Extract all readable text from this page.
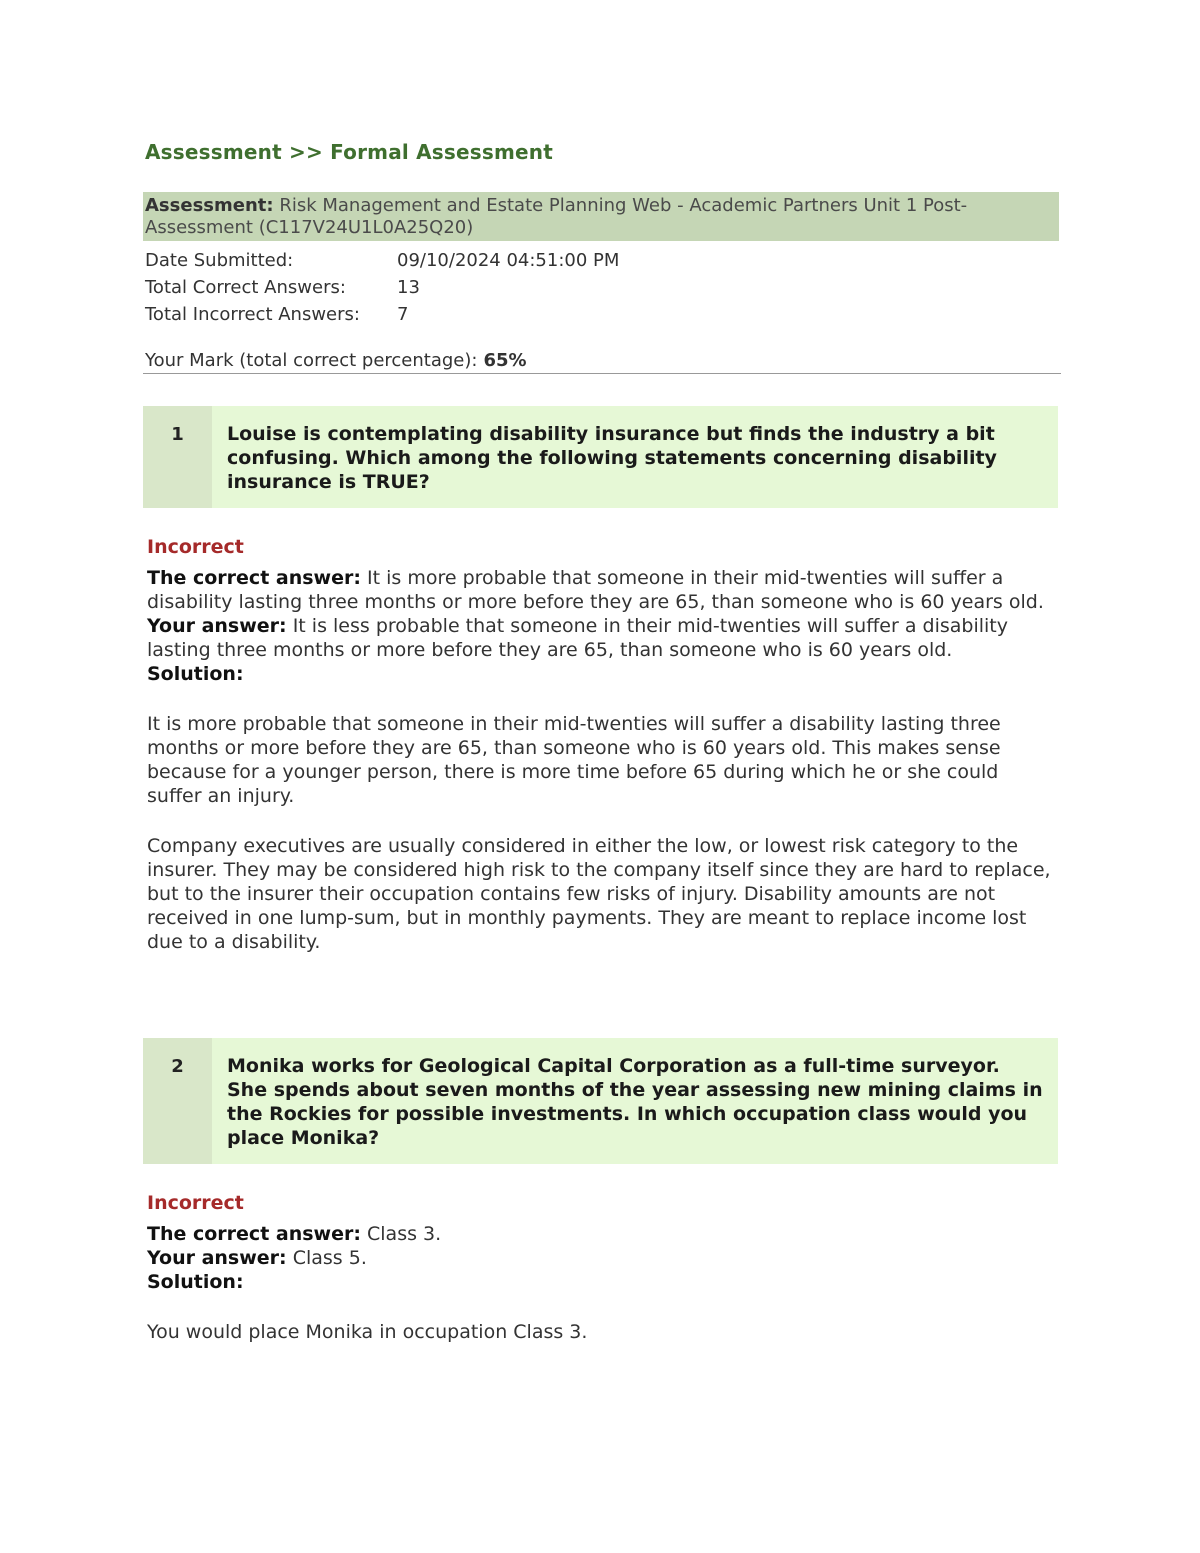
Assessment >> Formal Assessment
Assessment: Risk Management and Estate Planning Web - Academic Partners Unit 1 Post-Assessment (C117V24U1L0A25Q20)
Date Submitted:	09/10/2024 04:51:00 PM
Total Correct Answers:	13
Total Incorrect Answers:	7
Your Mark (total correct percentage): 65%
1	Louise is contemplating disability insurance but finds the industry a bit confusing. Which among the following statements concerning disability insurance is TRUE?
Incorrect
The correct answer: It is more probable that someone in their mid-twenties will suffer a disability lasting three months or more before they are 65, than someone who is 60 years old.
Your answer: It is less probable that someone in their mid-twenties will suffer a disability lasting three months or more before they are 65, than someone who is 60 years old.
Solution:
It is more probable that someone in their mid-twenties will suffer a disability lasting three months or more before they are 65, than someone who is 60 years old. This makes sense because for a younger person, there is more time before 65 during which he or she could suffer an injury.
Company executives are usually considered in either the low, or lowest risk category to the insurer. They may be considered high risk to the company itself since they are hard to replace, but to the insurer their occupation contains few risks of injury. Disability amounts are not received in one lump-sum, but in monthly payments. They are meant to replace income lost due to a disability.
2	Monika works for Geological Capital Corporation as a full-time surveyor. She spends about seven months of the year assessing new mining claims in the Rockies for possible investments. In which occupation class would you place Monika?
Incorrect
The correct answer: Class 3.
Your answer: Class 5.
Solution:
You would place Monika in occupation Class 3.
